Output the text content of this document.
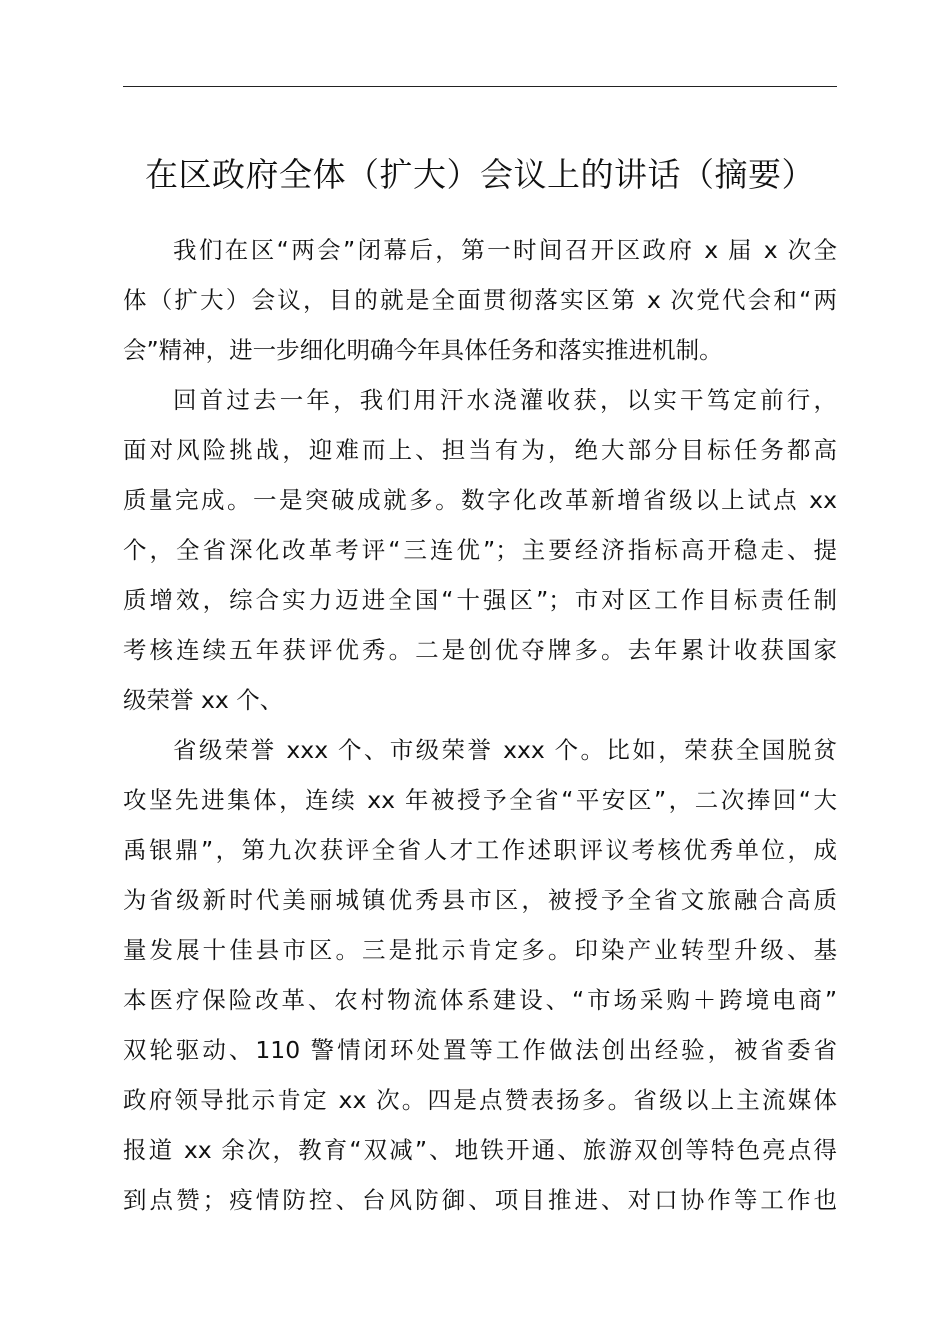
在区政府全体（扩大）会议上的讲话（摘要）

我们在区“两会”闭幕后，第一时间召开区政府 x 届 x 次全
体（扩大）会议，目的就是全面贯彻落实区第 x 次党代会和“两
会”精神，进一步细化明确今年具体任务和落实推进机制。

回首过去一年，我们用汗水浇灌收获，以实干笃定前行，
面对风险挑战，迎难而上、担当有为，绝大部分目标任务都高
质量完成。一是突破成就多。数字化改革新增省级以上试点 xx
个，全省深化改革考评“三连优”；主要经济指标高开稳走、提
质增效，综合实力迈进全国“十强区”；市对区工作目标责任制
考核连续五年获评优秀。二是创优夺牌多。去年累计收获国家
级荣誉 xx 个、

省级荣誉 xxx 个、市级荣誉 xxx 个。比如，荣获全国脱贫
攻坚先进集体，连续 xx 年被授予全省“平安区”，二次捧回“大
禹银鼎”，第九次获评全省人才工作述职评议考核优秀单位，成
为省级新时代美丽城镇优秀县市区，被授予全省文旅融合高质
量发展十佳县市区。三是批示肯定多。印染产业转型升级、基
本医疗保险改革、农村物流体系建设、“市场采购＋跨境电商”
双轮驱动、110 警情闭环处置等工作做法创出经验，被省委省
政府领导批示肯定 xx 次。四是点赞表扬多。省级以上主流媒体
报道 xx 余次，教育“双减”、地铁开通、旅游双创等特色亮点得
到点赞；疫情防控、台风防御、项目推进、对口协作等工作也
